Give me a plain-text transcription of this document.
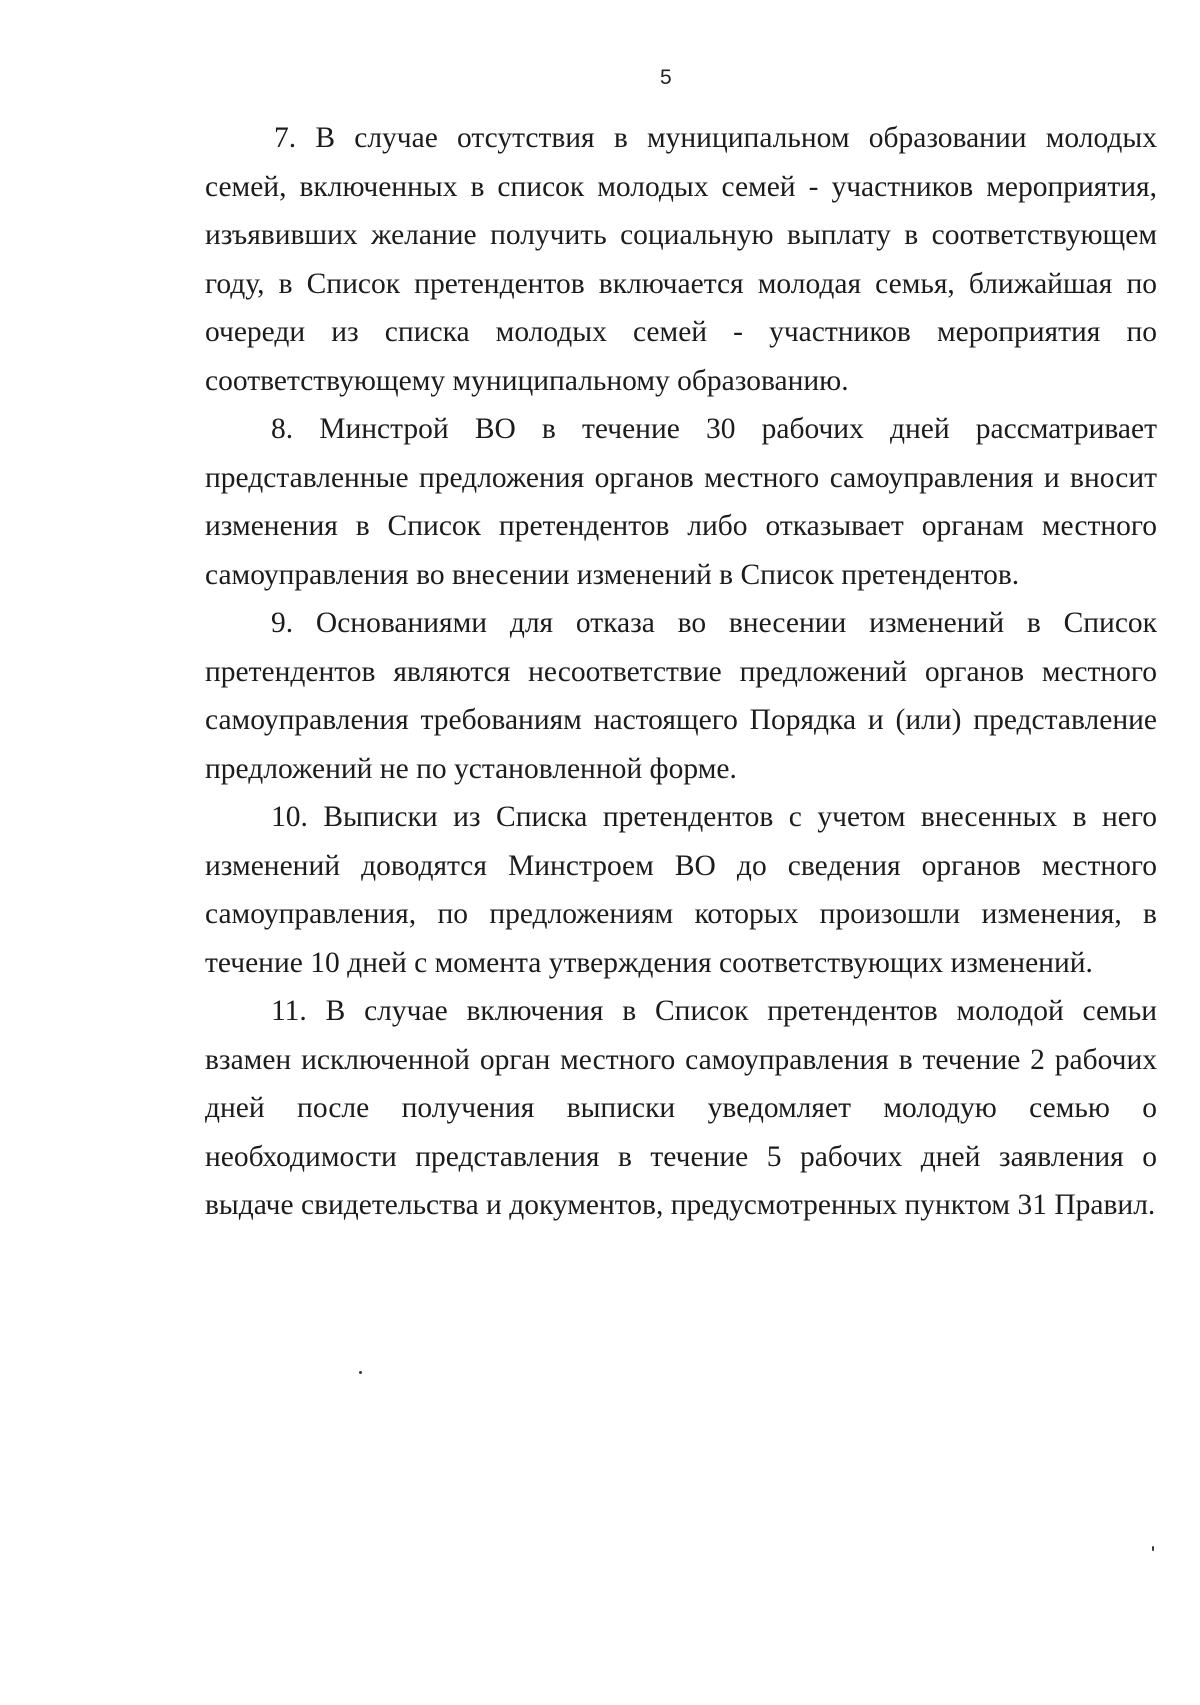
5

7. В случае отсутствия в муниципальном образовании молодых семей, включенных в список молодых семей - участников мероприятия, изъявивших желание получить социальную выплату в соответствующем году, в Список претендентов включается молодая семья, ближайшая по очереди из списка молодых семей - участников мероприятия по соответствующему муниципальному образованию.

8. Минстрой ВО в течение 30 рабочих дней рассматривает представленные предложения органов местного самоуправления и вносит изменения в Список претендентов либо отказывает органам местного самоуправления во внесении изменений в Список претендентов.

9. Основаниями для отказа во внесении изменений в Список претендентов являются несоответствие предложений органов местного самоуправления требованиям настоящего Порядка и (или) представление предложений не по установленной форме.

10. Выписки из Списка претендентов с учетом внесенных в него изменений доводятся Минстроем ВО до сведения органов местного самоуправления, по предложениям которых произошли изменения, в течение 10 дней с момента утверждения соответствующих изменений.

11. В случае включения в Список претендентов молодой семьи взамен исключенной орган местного самоуправления в течение 2 рабочих дней после получения выписки уведомляет молодую семью о необходимости представления в течение 5 рабочих дней заявления о выдаче свидетельства и документов, предусмотренных пунктом 31 Правил.
